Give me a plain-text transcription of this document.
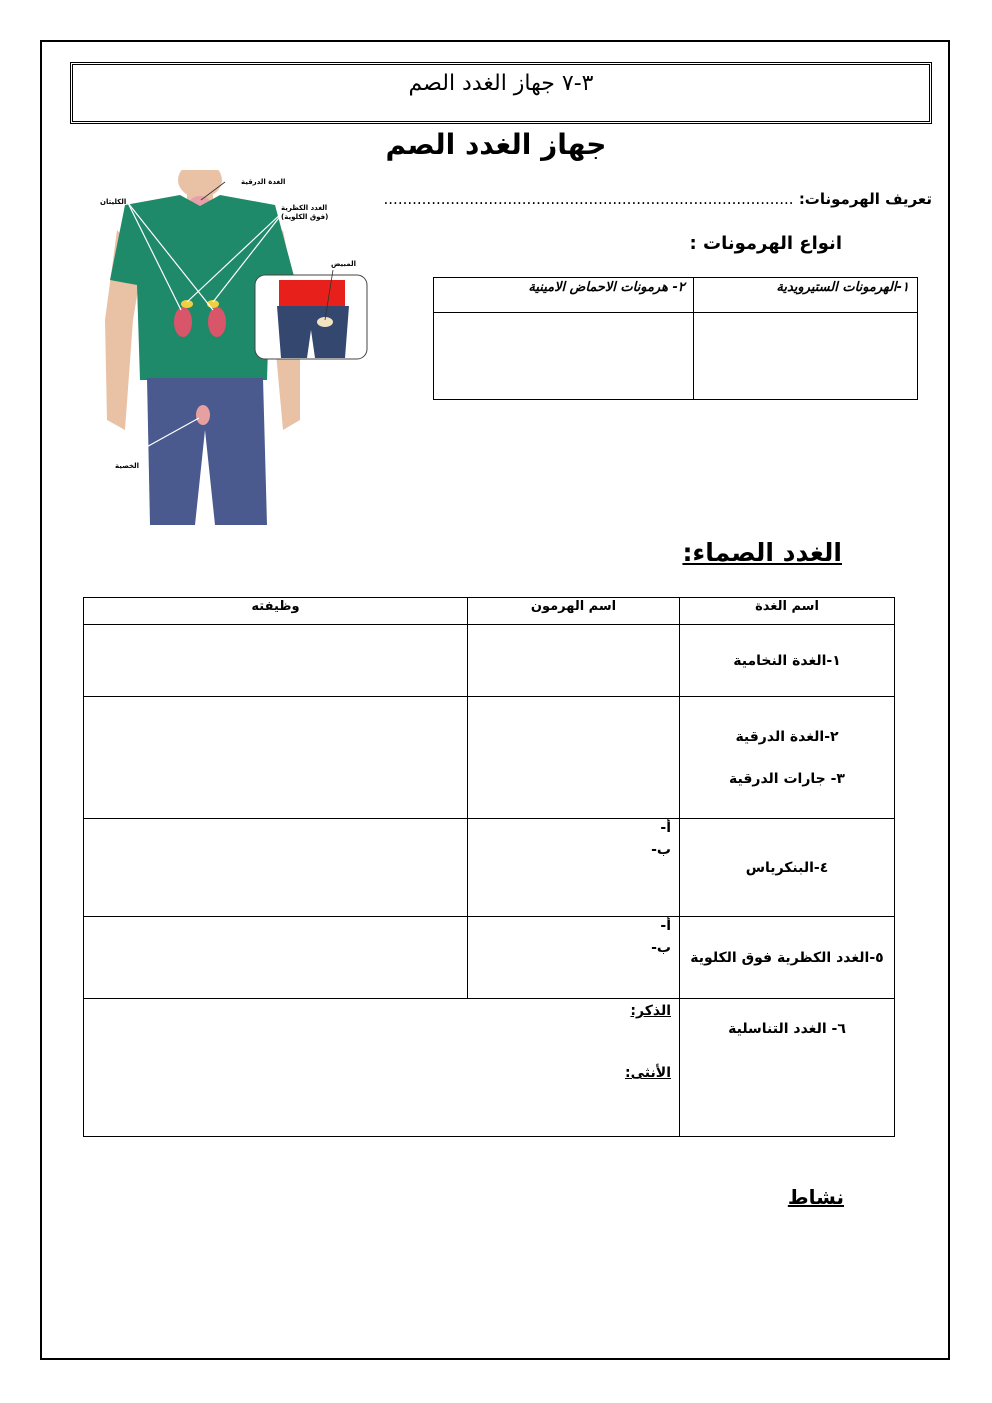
٣-٧ جهاز الغدد الصم
جهاز الغدد الصم
تعريف الهرمونات: ......................................................................................
انواع الهرمونات :
١-الهرمونات الستيرويدية	٢- هرمونات الاحماض الامينية

الغدة الدرقية
الكليتان
الغدد الكظرية
(فوق الكلوية)
المبيض
الخصية
الغدد الصماء:
اسم الغدة	اسم الهرمون	وظيفته
١-الغدة النخامية		

٢-الغدة الدرقية
٣- جارات الدرقية		

٤-البنكرياس	أ-
ب-	

٥-الغدد الكظرية فوق الكلوية	أ-
ب-	

٦- الغدد التناسلية	الذكر:
الأنثى:	
نشاط
